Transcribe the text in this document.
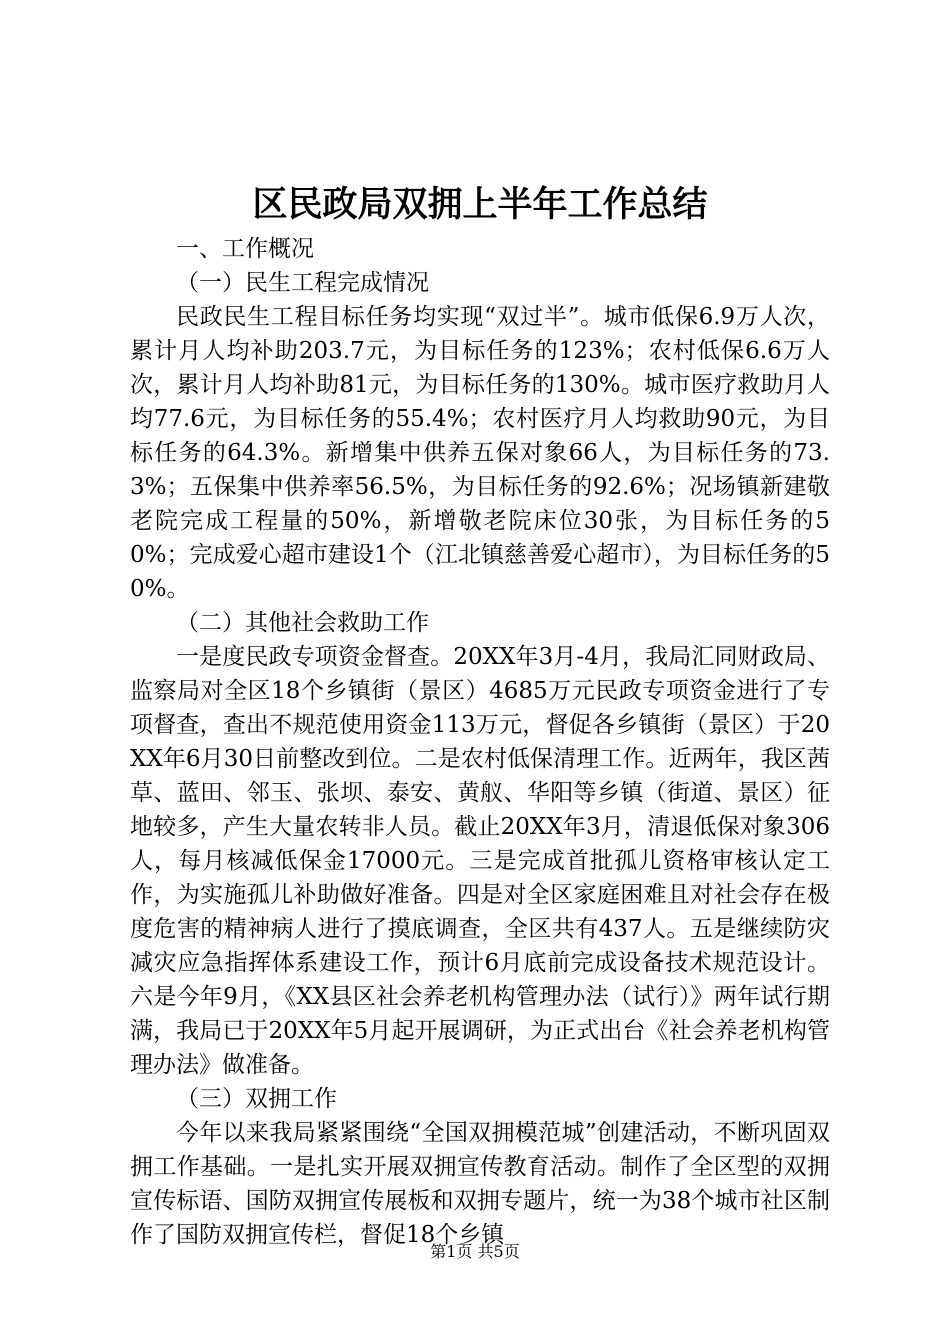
区民政局双拥上半年工作总结

一、工作概况

（一）民生工程完成情况

民政民生工程目标任务均实现“双过半”。城市低保6.9万人次，累计月人均补助203.7元，为目标任务的123%；农村低保6.6万人次，累计月人均补助81元，为目标任务的130%。城市医疗救助月人均77.6元，为目标任务的55.4%；农村医疗月人均救助90元，为目标任务的64.3%。新增集中供养五保对象66人，为目标任务的73.3%；五保集中供养率56.5%，为目标任务的92.6%；况场镇新建敬老院完成工程量的50%，新增敬老院床位30张，为目标任务的50%；完成爱心超市建设1个（江北镇慈善爱心超市），为目标任务的50%。

（二）其他社会救助工作

一是度民政专项资金督查。20XX年3月-4月，我局汇同财政局、监察局对全区18个乡镇街（景区）4685万元民政专项资金进行了专项督查，查出不规范使用资金113万元，督促各乡镇街（景区）于20XX年6月30日前整改到位。二是农村低保清理工作。近两年，我区茜草、蓝田、邻玉、张坝、泰安、黄舣、华阳等乡镇（街道、景区）征地较多，产生大量农转非人员。截止20XX年3月，清退低保对象306人，每月核减低保金17000元。三是完成首批孤儿资格审核认定工作，为实施孤儿补助做好准备。四是对全区家庭困难且对社会存在极度危害的精神病人进行了摸底调查，全区共有437人。五是继续防灾减灾应急指挥体系建设工作，预计6月底前完成设备技术规范设计。六是今年9月，《XX县区社会养老机构管理办法（试行）》两年试行期满，我局已于20XX年5月起开展调研，为正式出台《社会养老机构管理办法》做准备。

（三）双拥工作

今年以来我局紧紧围绕“全国双拥模范城”创建活动，不断巩固双拥工作基础。一是扎实开展双拥宣传教育活动。制作了全区型的双拥宣传标语、国防双拥宣传展板和双拥专题片，统一为38个城市社区制作了国防双拥宣传栏，督促18个乡镇

第1页 共5页
